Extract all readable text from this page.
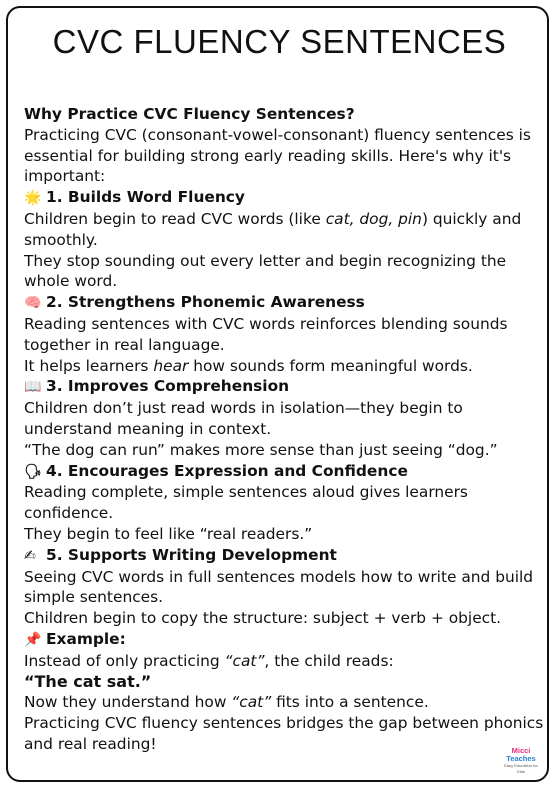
CVC FLUENCY SENTENCES

Why Practice CVC Fluency Sentences?

Practicing CVC (consonant-vowel-consonant) fluency sentences is essential for building strong early reading skills. Here's why it's important:

🌟 1. Builds Word Fluency

Children begin to read CVC words (like cat, dog, pin) quickly and smoothly.

They stop sounding out every letter and begin recognizing the whole word.

🧠 2. Strengthens Phonemic Awareness

Reading sentences with CVC words reinforces blending sounds together in real language.

It helps learners hear how sounds form meaningful words.

📖 3. Improves Comprehension

Children don’t just read words in isolation—they begin to understand meaning in context.

“The dog can run” makes more sense than just seeing “dog.”

🗣 4. Encourages Expression and Confidence

Reading complete, simple sentences aloud gives learners confidence.

They begin to feel like “real readers.”

✍ 5. Supports Writing Development

Seeing CVC words in full sentences models how to write and build simple sentences.

Children begin to copy the structure: subject + verb + object.

📌 Example:

Instead of only practicing “cat”, the child reads:

“The cat sat.”

Now they understand how “cat” fits into a sentence.

Practicing CVC fluency sentences bridges the gap between phonics and real reading!	Micci
Teaches
Easy Education for Kids
